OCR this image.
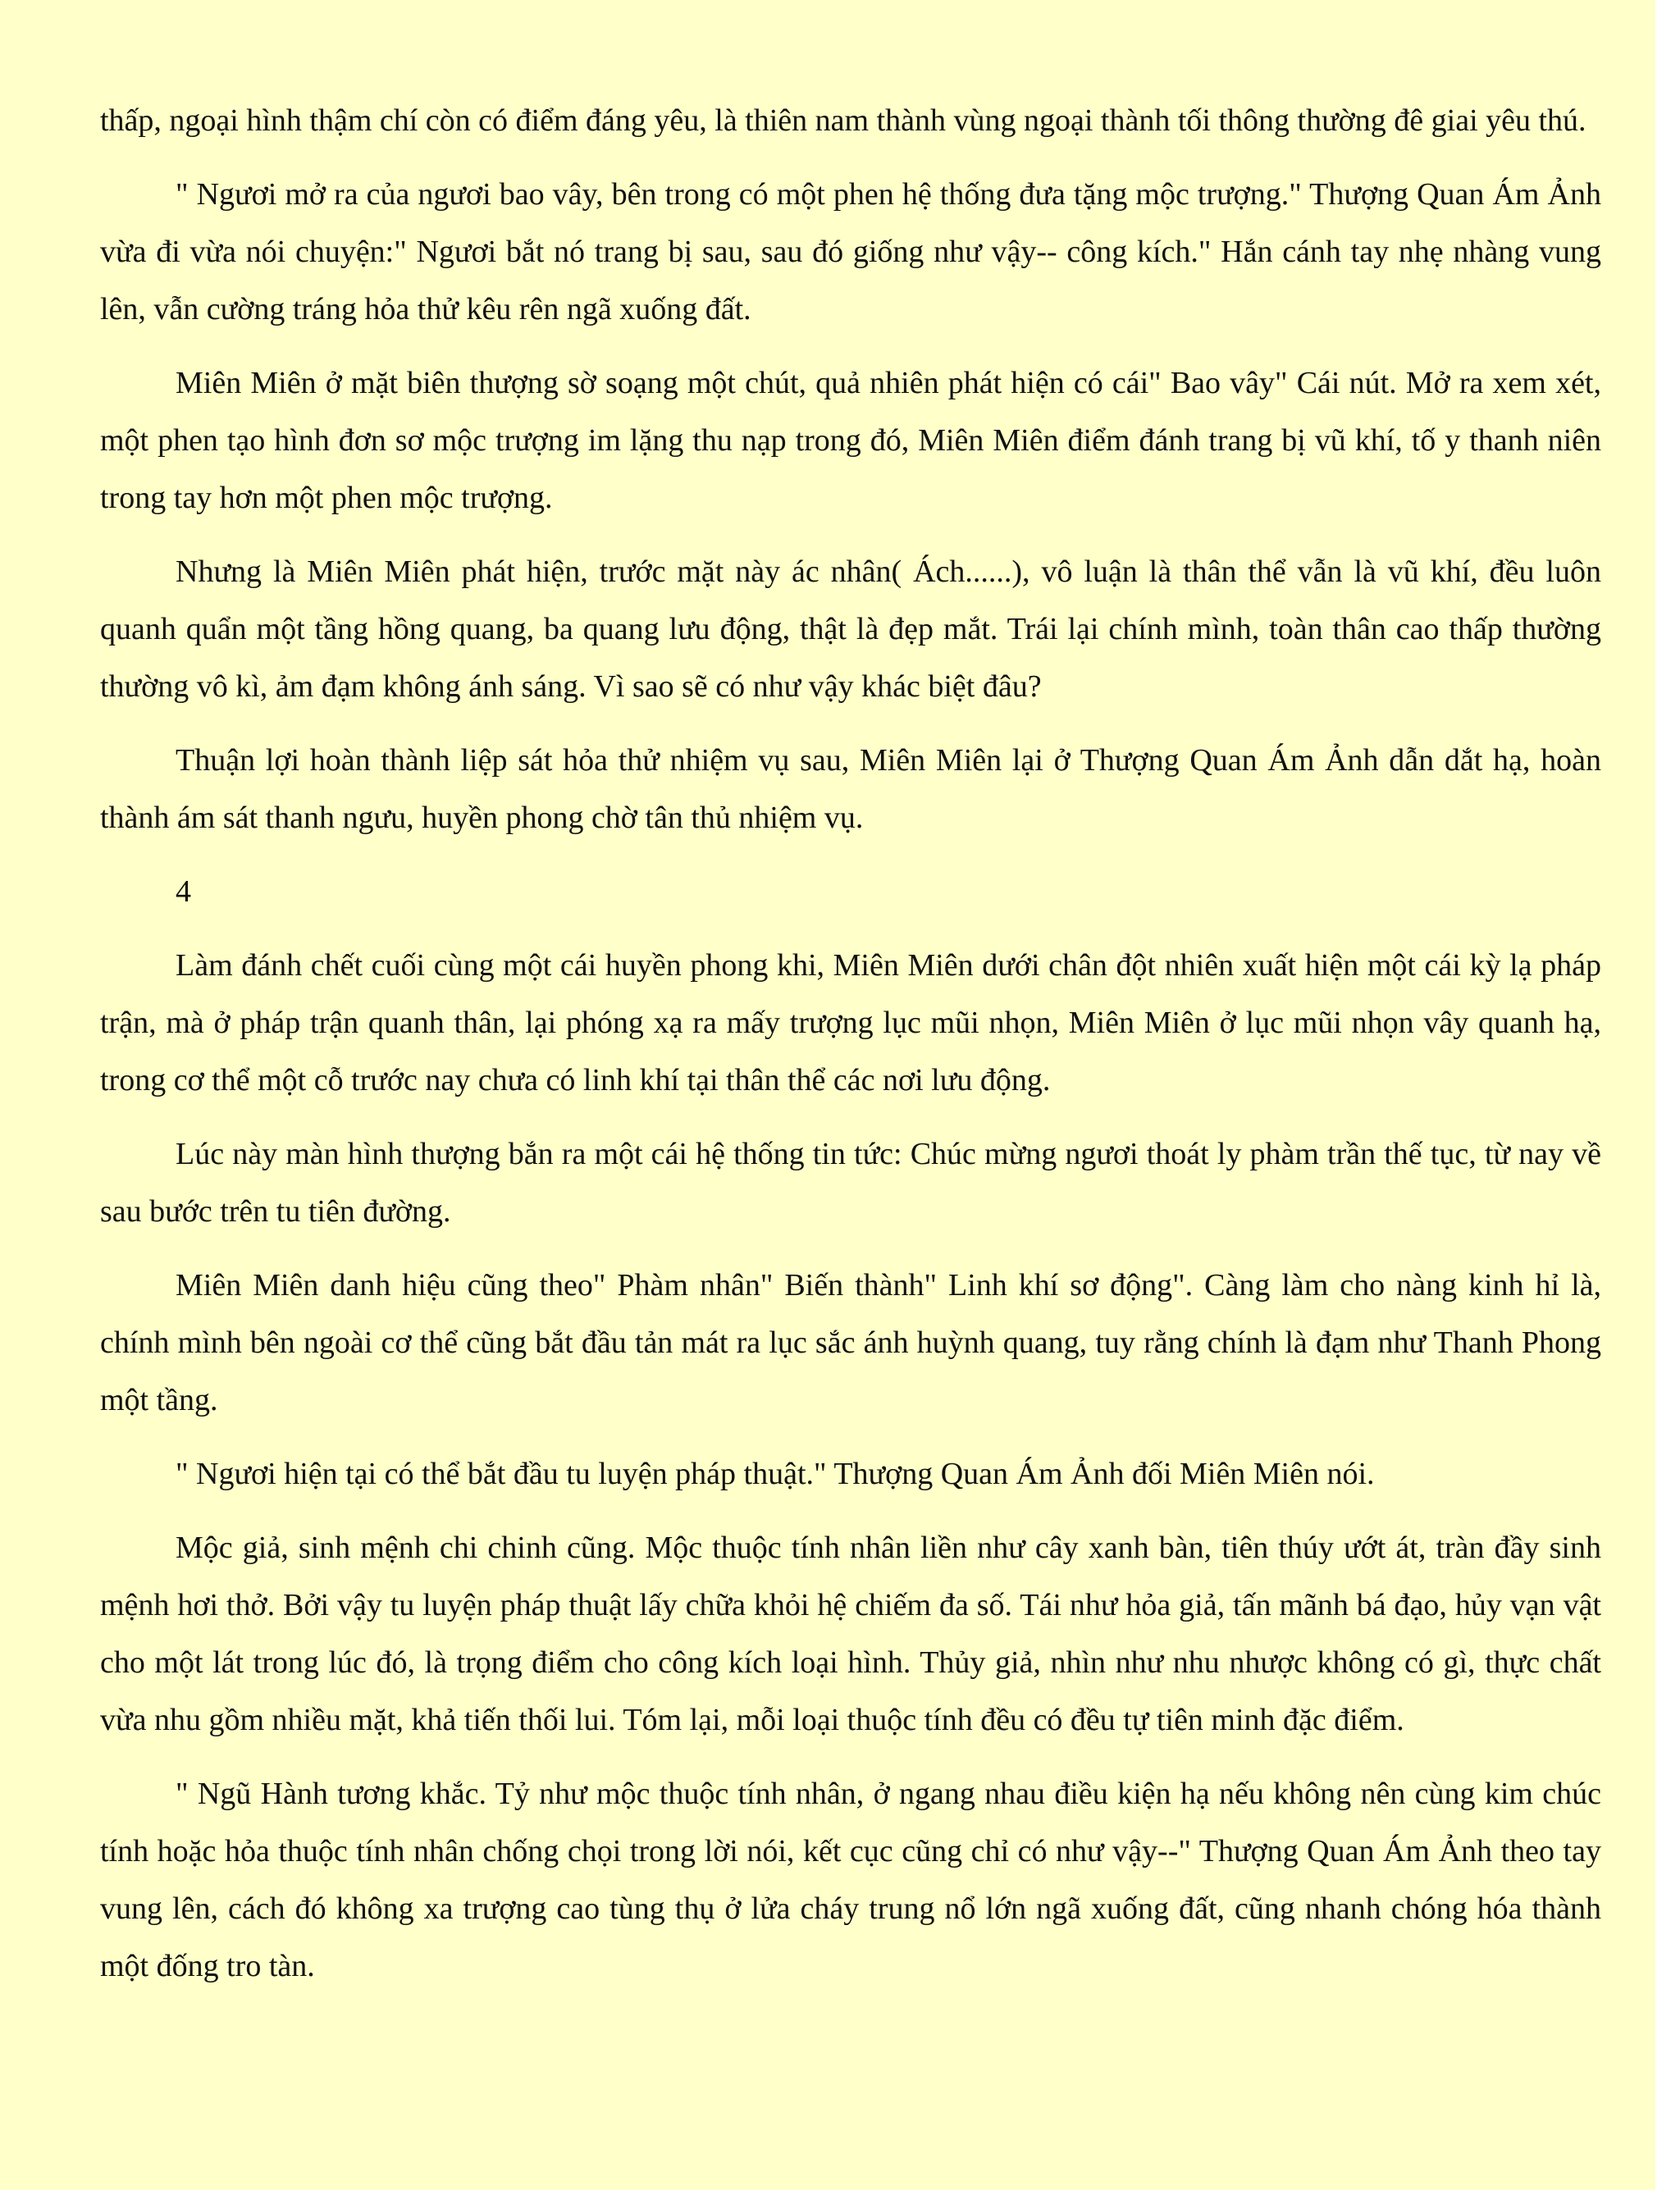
thấp, ngoại hình thậm chí còn có điểm đáng yêu, là thiên nam thành vùng ngoại thành tối thông thường đê giai yêu thú.

" Ngươi mở ra của ngươi bao vây, bên trong có một phen hệ thống đưa tặng mộc trượng." Thượng Quan Ám Ảnh vừa đi vừa nói chuyện:" Ngươi bắt nó trang bị sau, sau đó giống như vậy-- công kích." Hắn cánh tay nhẹ nhàng vung lên, vẫn cường tráng hỏa thử kêu rên ngã xuống đất.

Miên Miên ở mặt biên thượng sờ soạng một chút, quả nhiên phát hiện có cái" Bao vây" Cái nút. Mở ra xem xét, một phen tạo hình đơn sơ mộc trượng im lặng thu nạp trong đó, Miên Miên điểm đánh trang bị vũ khí, tố y thanh niên trong tay hơn một phen mộc trượng.

Nhưng là Miên Miên phát hiện, trước mặt này ác nhân( Ách......), vô luận là thân thể vẫn là vũ khí, đều luôn quanh quẩn một tầng hồng quang, ba quang lưu động, thật là đẹp mắt. Trái lại chính mình, toàn thân cao thấp thường thường vô kì, ảm đạm không ánh sáng. Vì sao sẽ có như vậy khác biệt đâu?

Thuận lợi hoàn thành liệp sát hỏa thử nhiệm vụ sau, Miên Miên lại ở Thượng Quan Ám Ảnh dẫn dắt hạ, hoàn thành ám sát thanh ngưu, huyền phong chờ tân thủ nhiệm vụ.

4

Làm đánh chết cuối cùng một cái huyền phong khi, Miên Miên dưới chân đột nhiên xuất hiện một cái kỳ lạ pháp trận, mà ở pháp trận quanh thân, lại phóng xạ ra mấy trượng lục mũi nhọn, Miên Miên ở lục mũi nhọn vây quanh hạ, trong cơ thể một cỗ trước nay chưa có linh khí tại thân thể các nơi lưu động.

Lúc này màn hình thượng bắn ra một cái hệ thống tin tức: Chúc mừng ngươi thoát ly phàm trần thế tục, từ nay về sau bước trên tu tiên đường.

Miên Miên danh hiệu cũng theo" Phàm nhân" Biến thành" Linh khí sơ động". Càng làm cho nàng kinh hỉ là, chính mình bên ngoài cơ thể cũng bắt đầu tản mát ra lục sắc ánh huỳnh quang, tuy rằng chính là đạm như Thanh Phong một tầng.

" Ngươi hiện tại có thể bắt đầu tu luyện pháp thuật." Thượng Quan Ám Ảnh đối Miên Miên nói.

Mộc giả, sinh mệnh chi chinh cũng. Mộc thuộc tính nhân liền như cây xanh bàn, tiên thúy ướt át, tràn đầy sinh mệnh hơi thở. Bởi vậy tu luyện pháp thuật lấy chữa khỏi hệ chiếm đa số. Tái như hỏa giả, tấn mãnh bá đạo, hủy vạn vật cho một lát trong lúc đó, là trọng điểm cho công kích loại hình. Thủy giả, nhìn như nhu nhược không có gì, thực chất vừa nhu gồm nhiều mặt, khả tiến thối lui. Tóm lại, mỗi loại thuộc tính đều có đều tự tiên minh đặc điểm.

" Ngũ Hành tương khắc. Tỷ như mộc thuộc tính nhân, ở ngang nhau điều kiện hạ nếu không nên cùng kim chúc tính hoặc hỏa thuộc tính nhân chống chọi trong lời nói, kết cục cũng chỉ có như vậy--" Thượng Quan Ám Ảnh theo tay vung lên, cách đó không xa trượng cao tùng thụ ở lửa cháy trung nổ lớn ngã xuống đất, cũng nhanh chóng hóa thành một đống tro tàn.
